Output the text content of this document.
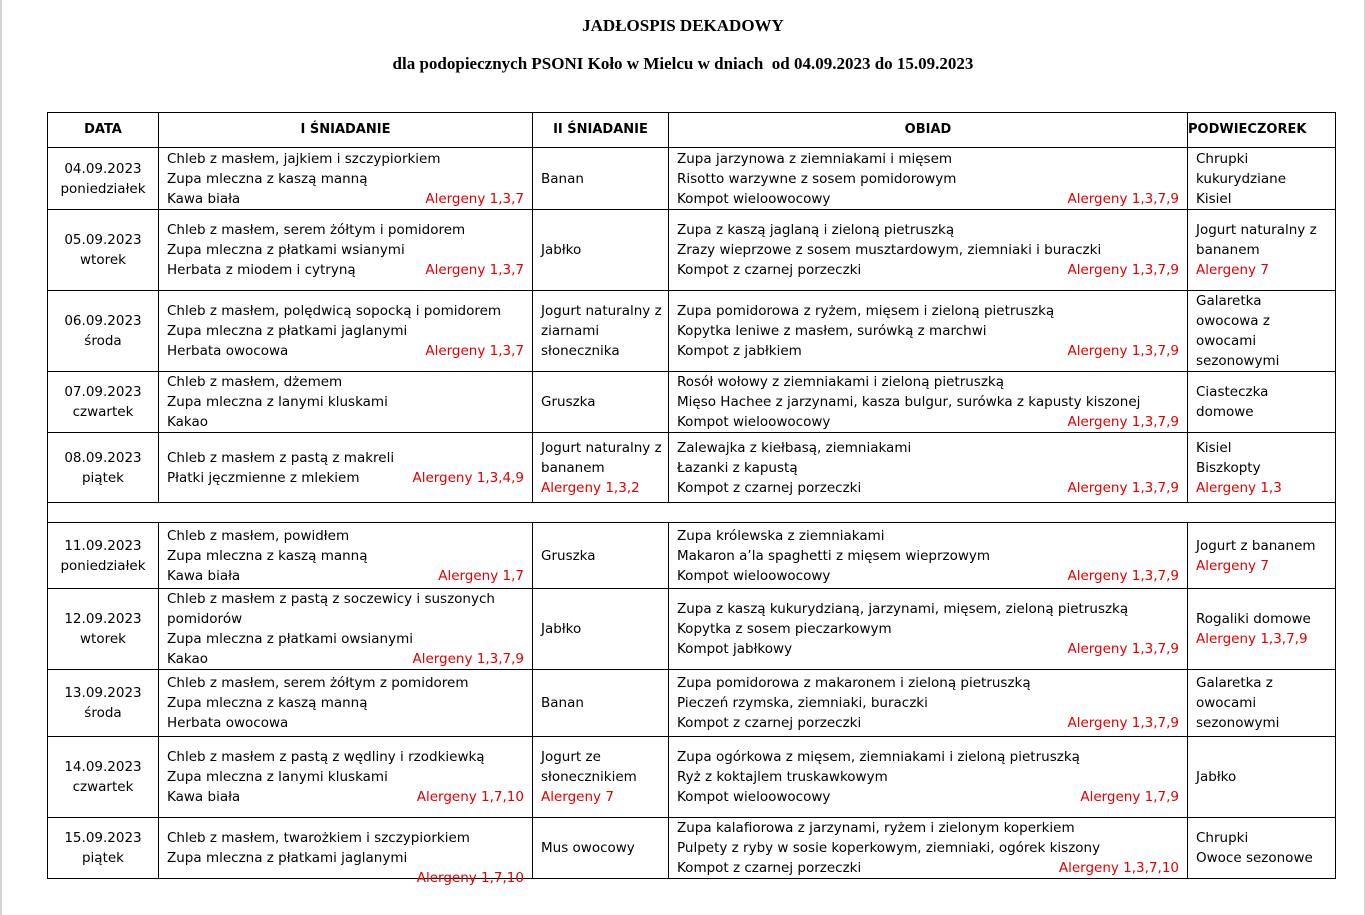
JADŁOSPIS DEKADOWY
dla podopiecznych PSONI Koło w Mielcu w dniach  od 04.09.2023 do 15.09.2023
DATA	I ŚNIADANIE	II ŚNIADANIE	OBIAD	PODWIECZOREK

04.09.2023
poniedziałek	Chleb z masłem, jajkiem i szczypiorkiem
Zupa mleczna z kaszą manną
Kawa biała Alergeny 1,3,7	Banan	Zupa jarzynowa z ziemniakami i mięsem
Risotto warzywne z sosem pomidorowym
Kompot wieloowocowy Alergeny 1,3,7,9	Chrupki
kukurydziane
Kisiel

05.09.2023
wtorek	Chleb z masłem, serem żółtym i pomidorem
Zupa mleczna z płatkami wsianymi
Herbata z miodem i cytryną Alergeny 1,3,7	Jabłko	Zupa z kaszą jaglaną i zieloną pietruszką
Zrazy wieprzowe z sosem musztardowym, ziemniaki i buraczki
Kompot z czarnej porzeczki Alergeny 1,3,7,9	Jogurt naturalny z
bananem
Alergeny 7

06.09.2023
środa	Chleb z masłem, polędwicą sopocką i pomidorem
Zupa mleczna z płatkami jaglanymi
Herbata owocowa Alergeny 1,3,7	Jogurt naturalny z
ziarnami
słonecznika	Zupa pomidorowa z ryżem, mięsem i zieloną pietruszką
Kopytka leniwe z masłem, surówką z marchwi
Kompot z jabłkiem Alergeny 1,3,7,9	Galaretka
owocowa z
owocami
sezonowymi

07.09.2023
czwartek	Chleb z masłem, dżemem
Zupa mleczna z lanymi kluskami
Kakao	Gruszka	Rosół wołowy z ziemniakami i zieloną pietruszką
Mięso Hachee z jarzynami, kasza bulgur, surówka z kapusty kiszonej
Kompot wieloowocowy Alergeny 1,3,7,9	Ciasteczka
domowe

08.09.2023
piątek	Chleb z masłem z pastą z makreli
Płatki jęczmienne z mlekiem Alergeny 1,3,4,9	Jogurt naturalny z
bananem
Alergeny 1,3,2	Zalewajka z kiełbasą, ziemniakami
Łazanki z kapustą
Kompot z czarnej porzeczki Alergeny 1,3,7,9	Kisiel
Biszkopty
Alergeny 1,3

11.09.2023
poniedziałek	Chleb z masłem, powidłem
Zupa mleczna z kaszą manną
Kawa biała Alergeny 1,7	Gruszka	Zupa królewska z ziemniakami
Makaron a’la spaghetti z mięsem wieprzowym
Kompot wieloowocowy Alergeny 1,3,7,9	Jogurt z bananem
Alergeny 7

12.09.2023
wtorek	Chleb z masłem z pastą z soczewicy i suszonych
pomidorów
Zupa mleczna z płatkami owsianymi
Kakao Alergeny 1,3,7,9	Jabłko	Zupa z kaszą kukurydzianą, jarzynami, mięsem, zieloną pietruszką
Kopytka z sosem pieczarkowym
Kompot jabłkowy Alergeny 1,3,7,9	Rogaliki domowe
Alergeny 1,3,7,9

13.09.2023
środa	Chleb z masłem, serem żółtym z pomidorem
Zupa mleczna z kaszą manną
Herbata owocowa	Banan	Zupa pomidorowa z makaronem i zieloną pietruszką
Pieczeń rzymska, ziemniaki, buraczki
Kompot z czarnej porzeczki Alergeny 1,3,7,9	Galaretka z
owocami
sezonowymi

14.09.2023
czwartek	Chleb z masłem z pastą z wędliny i rzodkiewką
Zupa mleczna z lanymi kluskami
Kawa biała Alergeny 1,7,10	Jogurt ze
słonecznikiem
Alergeny 7	Zupa ogórkowa z mięsem, ziemniakami i zieloną pietruszką
Ryż z koktajlem truskawkowym
Kompot wieloowocowy Alergeny 1,7,9	Jabłko

15.09.2023
piątek	Chleb z masłem, twarożkiem i szczypiorkiem
Zupa mleczna z płatkami jaglanymi
Alergeny 1,7,10	Mus owocowy	Zupa kalafiorowa z jarzynami, ryżem i zielonym koperkiem
Pulpety z ryby w sosie koperkowym, ziemniaki, ogórek kiszony
Kompot z czarnej porzeczki Alergeny 1,3,7,10	Chrupki
Owoce sezonowe
